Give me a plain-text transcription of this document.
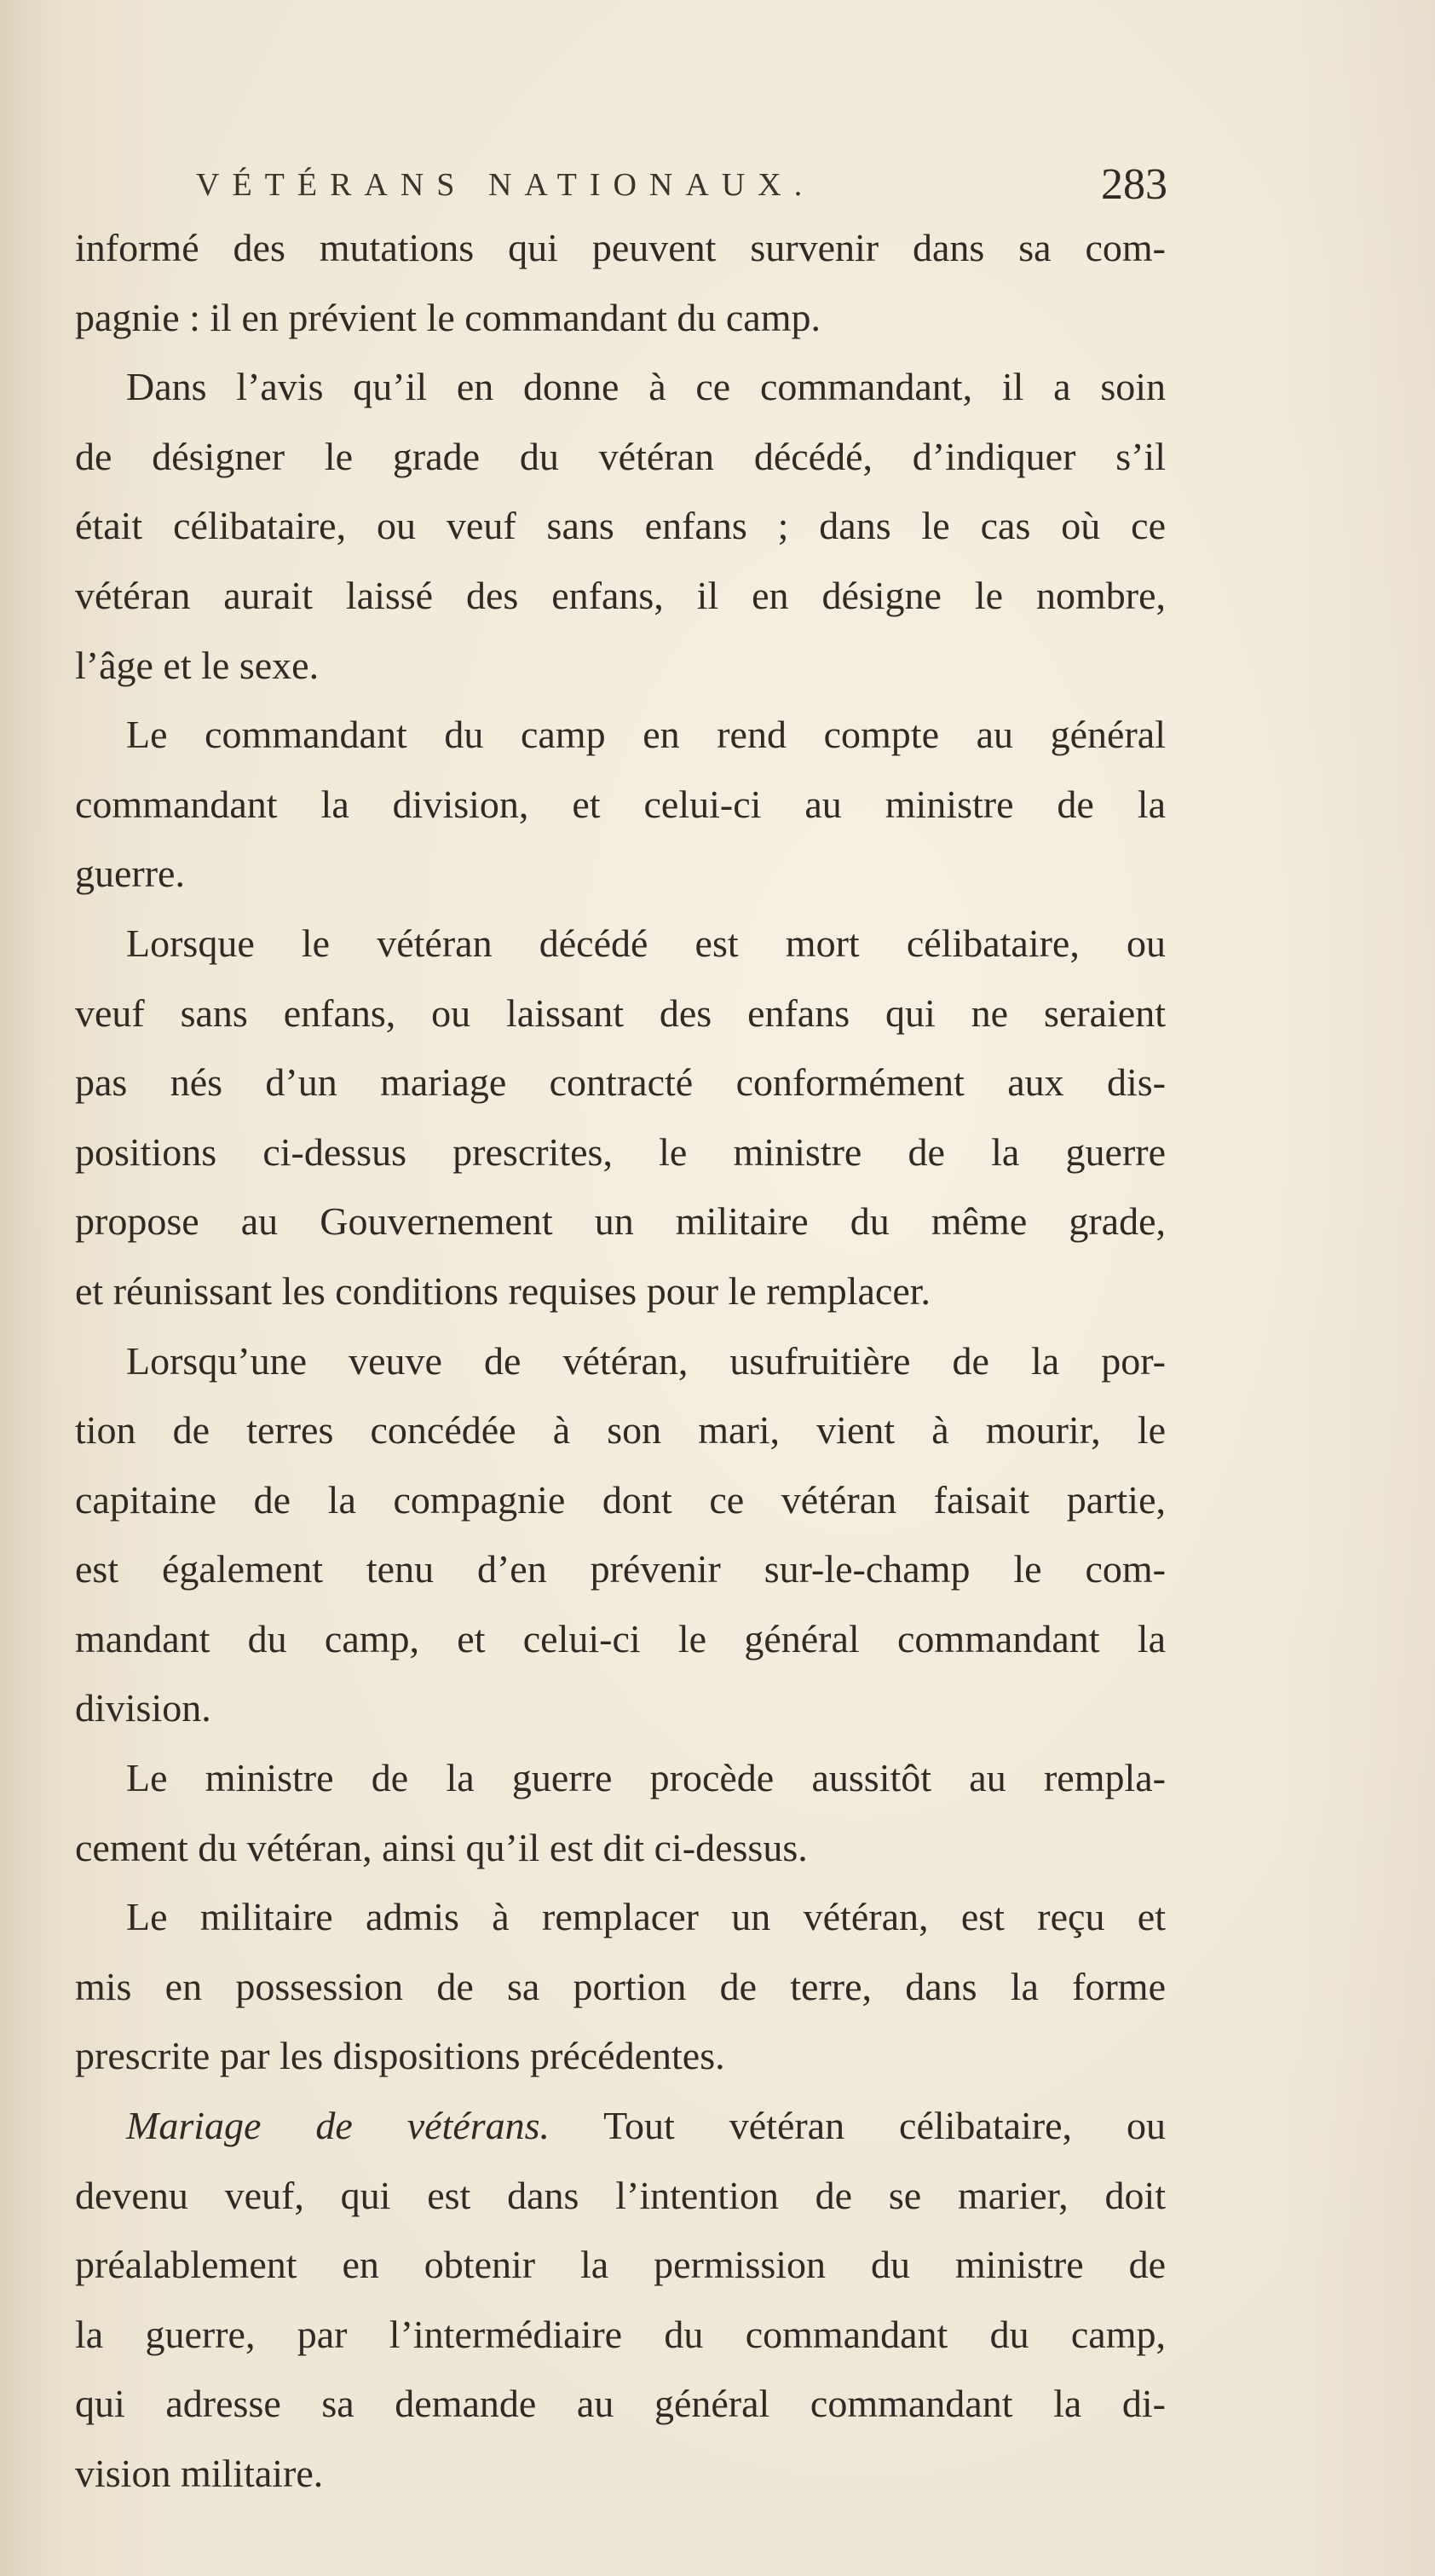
VÉTÉRANS NATIONAUX.	283
informé des mutations qui peuvent survenir dans sa com-
pagnie : il en prévient le commandant du camp.
Dans l’avis qu’il en donne à ce commandant, il a soin
de désigner le grade du vétéran décédé, d’indiquer s’il
était célibataire, ou veuf sans enfans ; dans le cas où ce
vétéran aurait laissé des enfans, il en désigne le nombre,
l’âge et le sexe.
Le commandant du camp en rend compte au général
commandant la division, et celui-ci au ministre de la
guerre.
Lorsque le vétéran décédé est mort célibataire, ou
veuf sans enfans, ou laissant des enfans qui ne seraient
pas nés d’un mariage contracté conformément aux dis-
positions ci-dessus prescrites, le ministre de la guerre
propose au Gouvernement un militaire du même grade,
et réunissant les conditions requises pour le remplacer.
Lorsqu’une veuve de vétéran, usufruitière de la por-
tion de terres concédée à son mari, vient à mourir, le
capitaine de la compagnie dont ce vétéran faisait partie,
est également tenu d’en prévenir sur-le-champ le com-
mandant du camp, et celui-ci le général commandant la
division.
Le ministre de la guerre procède aussitôt au rempla-
cement du vétéran, ainsi qu’il est dit ci-dessus.
Le militaire admis à remplacer un vétéran, est reçu et
mis en possession de sa portion de terre, dans la forme
prescrite par les dispositions précédentes.
Mariage de vétérans. Tout vétéran célibataire, ou
devenu veuf, qui est dans l’intention de se marier, doit
préalablement en obtenir la permission du ministre de
la guerre, par l’intermédiaire du commandant du camp,
qui adresse sa demande au général commandant la di-
vision militaire.
